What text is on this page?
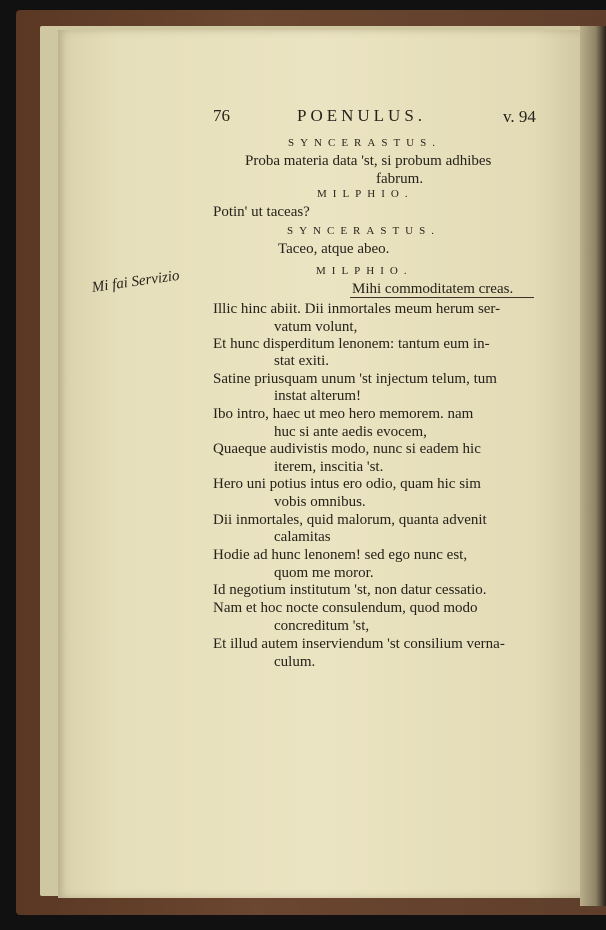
76	POENULUS.	v. 94
SYNCERASTUS.
Proba materia data 'st, si probum adhibes
fabrum.
MILPHIO.
Potin' ut taceas?
SYNCERASTUS.
Taceo, atque abeo.
MILPHIO.
Mihi commoditatem creas.
Mi fai Servizio
Illic hinc abiit. Dii inmortales meum herum ser-
vatum volunt,
Et hunc disperditum lenonem: tantum eum in-
stat exiti.
Satine priusquam unum 'st injectum telum, tum
instat alterum!
Ibo intro, haec ut meo hero memorem. nam
huc si ante aedis evocem,
Quaeque audivistis modo, nunc si eadem hic
iterem, inscitia 'st.
Hero uni potius intus ero odio, quam hic sim
vobis omnibus.
Dii inmortales, quid malorum, quanta advenit
calamitas
Hodie ad hunc lenonem! sed ego nunc est,
quom me moror.
Id negotium institutum 'st, non datur cessatio.
Nam et hoc nocte consulendum, quod modo
concreditum 'st,
Et illud autem inserviendum 'st consilium verna-
culum.
